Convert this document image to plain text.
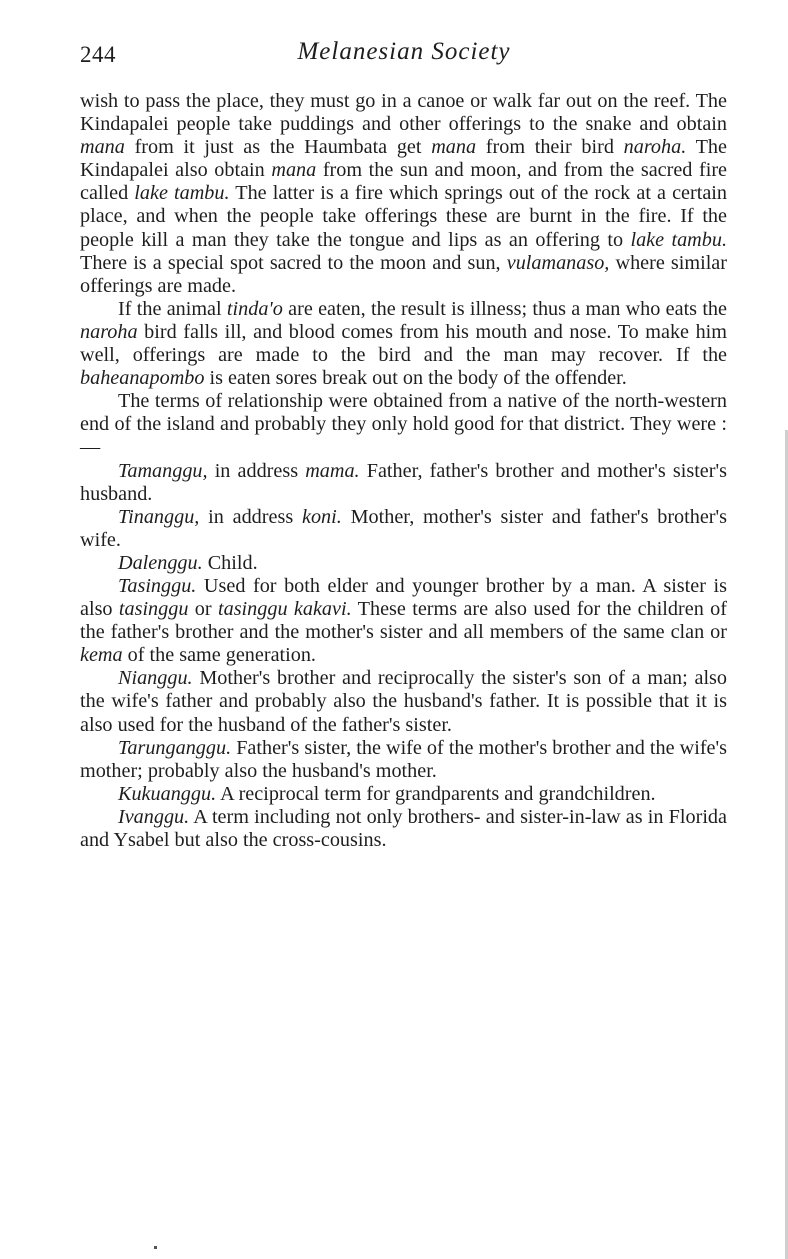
244	Melanesian Society

wish to pass the place, they must go in a canoe or walk far out on the reef. The Kindapalei people take puddings and other offerings to the snake and obtain mana from it just as the Haumbata get mana from their bird naroha. The Kindapalei also obtain mana from the sun and moon, and from the sacred fire called lake tambu. The latter is a fire which springs out of the rock at a certain place, and when the people take offerings these are burnt in the fire. If the people kill a man they take the tongue and lips as an offering to lake tambu. There is a special spot sacred to the moon and sun, vulamanaso, where similar offerings are made.

If the animal tinda'o are eaten, the result is illness; thus a man who eats the naroha bird falls ill, and blood comes from his mouth and nose. To make him well, offerings are made to the bird and the man may recover. If the baheanapombo is eaten sores break out on the body of the offender.

The terms of relationship were obtained from a native of the north-western end of the island and probably they only hold good for that district. They were :—

Tamanggu, in address mama. Father, father's brother and mother's sister's husband.

Tinanggu, in address koni. Mother, mother's sister and father's brother's wife.

Dalenggu. Child.

Tasinggu. Used for both elder and younger brother by a man. A sister is also tasinggu or tasinggu kakavi. These terms are also used for the children of the father's brother and the mother's sister and all members of the same clan or kema of the same generation.

Nianggu. Mother's brother and reciprocally the sister's son of a man; also the wife's father and probably also the husband's father. It is possible that it is also used for the husband of the father's sister.

Tarunganggu. Father's sister, the wife of the mother's brother and the wife's mother; probably also the husband's mother.

Kukuanggu. A reciprocal term for grandparents and grandchildren.

Ivanggu. A term including not only brothers- and sister-in-law as in Florida and Ysabel but also the cross-cousins.
